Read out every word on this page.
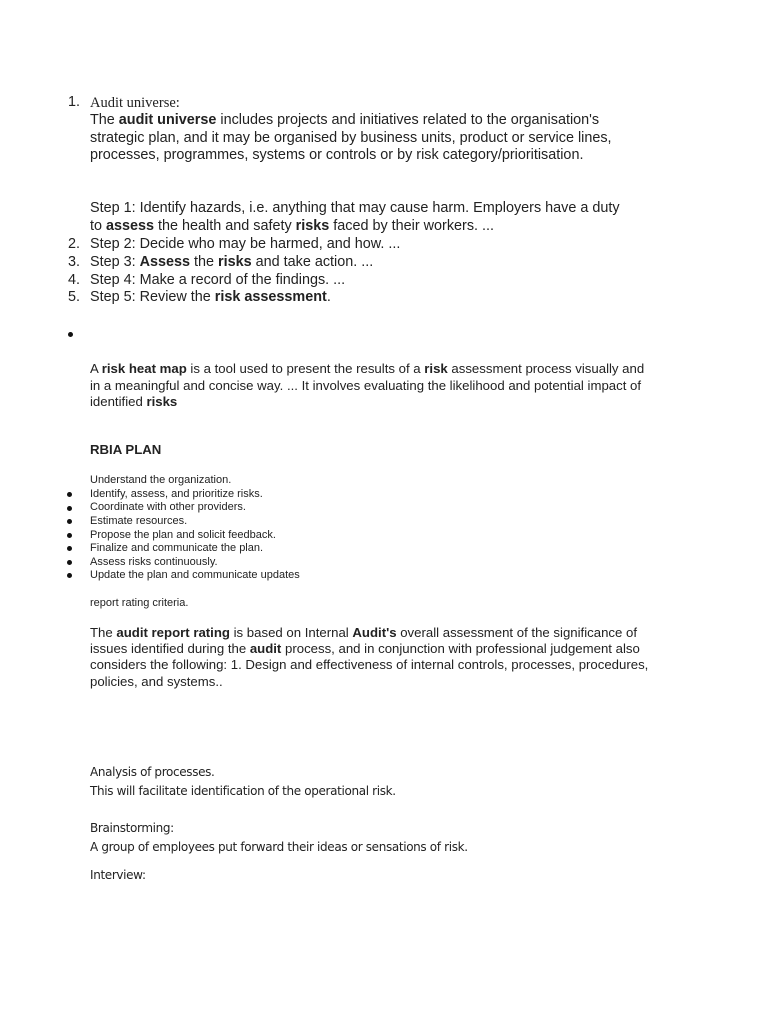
1. Audit universe:
The audit universe includes projects and initiatives related to the organisation's
strategic plan, and it may be organised by business units, product or service lines,
processes, programmes, systems or controls or by risk category/prioritisation.
Step 1: Identify hazards, i.e. anything that may cause harm. Employers have a duty
to assess the health and safety risks faced by their workers. ...
2. Step 2: Decide who may be harmed, and how. ...
3. Step 3: Assess the risks and take action. ...
4. Step 4: Make a record of the findings. ...
5. Step 5: Review the risk assessment.
A risk heat map is a tool used to present the results of a risk assessment process visually and
in a meaningful and concise way. ... It involves evaluating the likelihood and potential impact of
identified risks
RBIA PLAN
Understand the organization.
Identify, assess, and prioritize risks.
Coordinate with other providers.
Estimate resources.
Propose the plan and solicit feedback.
Finalize and communicate the plan.
Assess risks continuously.
Update the plan and communicate updates
report rating criteria.
The audit report rating is based on Internal Audit's overall assessment of the significance of
issues identified during the audit process, and in conjunction with professional judgement also
considers the following: 1. Design and effectiveness of internal controls, processes, procedures,
policies, and systems..
Analysis of processes.
This will facilitate identification of the operational risk.
Brainstorming:
A group of employees put forward their ideas or sensations of risk.
Interview:
